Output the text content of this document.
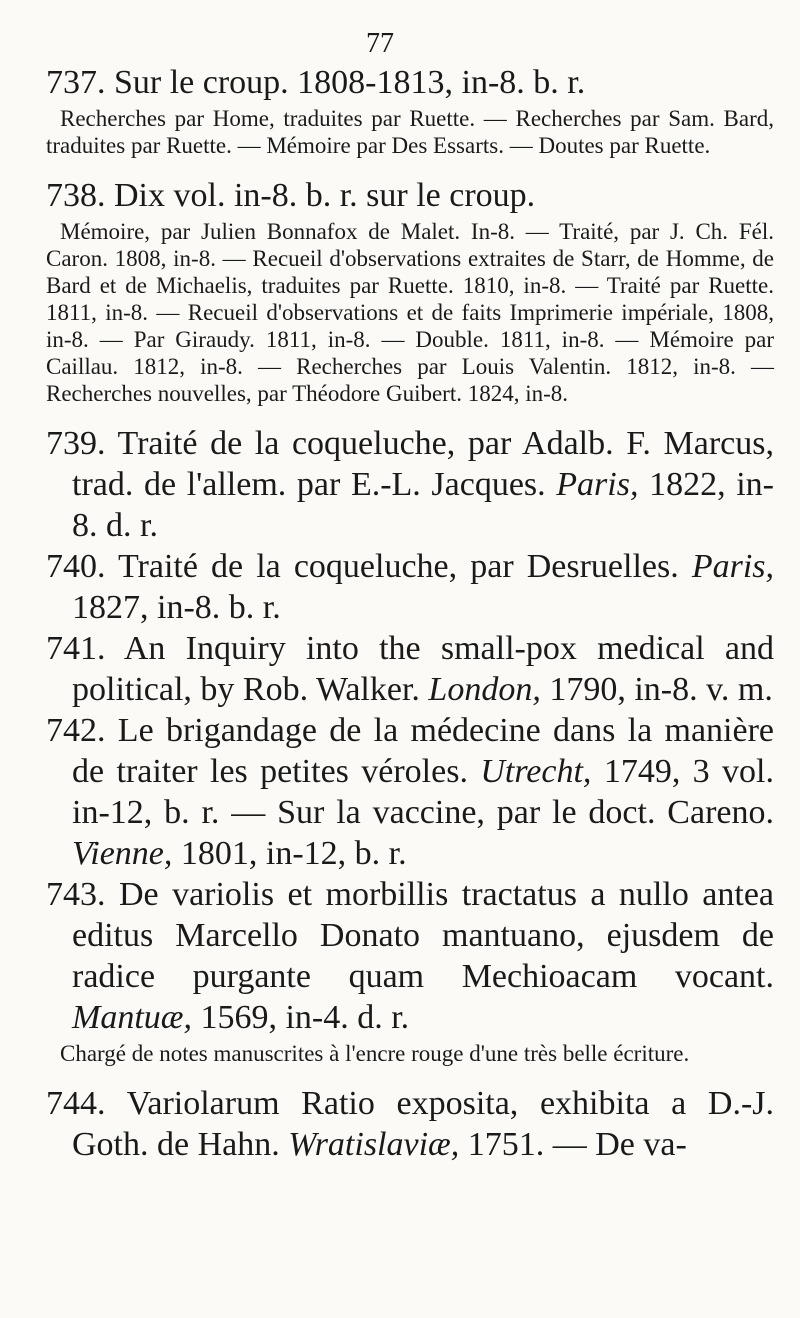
77

737. Sur le croup. 1808-1813, in-8. b. r.

Recherches par Home, traduites par Ruette. — Recherches par Sam. Bard, traduites par Ruette. — Mémoire par Des Essarts. — Doutes par Ruette.

738. Dix vol. in-8. b. r. sur le croup.

Mémoire, par Julien Bonnafox de Malet. In-8. — Traité, par J. Ch. Fél. Caron. 1808, in-8. — Recueil d'observations extraites de Starr, de Homme, de Bard et de Michaelis, traduites par Ruette. 1810, in-8. — Traité par Ruette. 1811, in-8. — Recueil d'observations et de faits Imprimerie impériale, 1808, in-8. — Par Giraudy. 1811, in-8. — Double. 1811, in-8. — Mémoire par Caillau. 1812, in-8. — Recherches par Louis Valentin. 1812, in-8. — Recherches nouvelles, par Théodore Guibert. 1824, in-8.

739. Traité de la coqueluche, par Adalb. F. Marcus, trad. de l'allem. par E.-L. Jacques. Paris, 1822, in-8. d. r.

740. Traité de la coqueluche, par Desruelles. Paris, 1827, in-8. b. r.

741. An Inquiry into the small-pox medical and political, by Rob. Walker. London, 1790, in-8. v. m.

742. Le brigandage de la médecine dans la manière de traiter les petites véroles. Utrecht, 1749, 3 vol. in-12, b. r. — Sur la vaccine, par le doct. Careno. Vienne, 1801, in-12, b. r.

743. De variolis et morbillis tractatus a nullo antea editus Marcello Donato mantuano, ejusdem de radice purgante quam Mechioacam vocant. Mantuæ, 1569, in-4. d. r.

Chargé de notes manuscrites à l'encre rouge d'une très belle écriture.

744. Variolarum Ratio exposita, exhibita a D.-J. Goth. de Hahn. Wratislaviæ, 1751. — De va-
